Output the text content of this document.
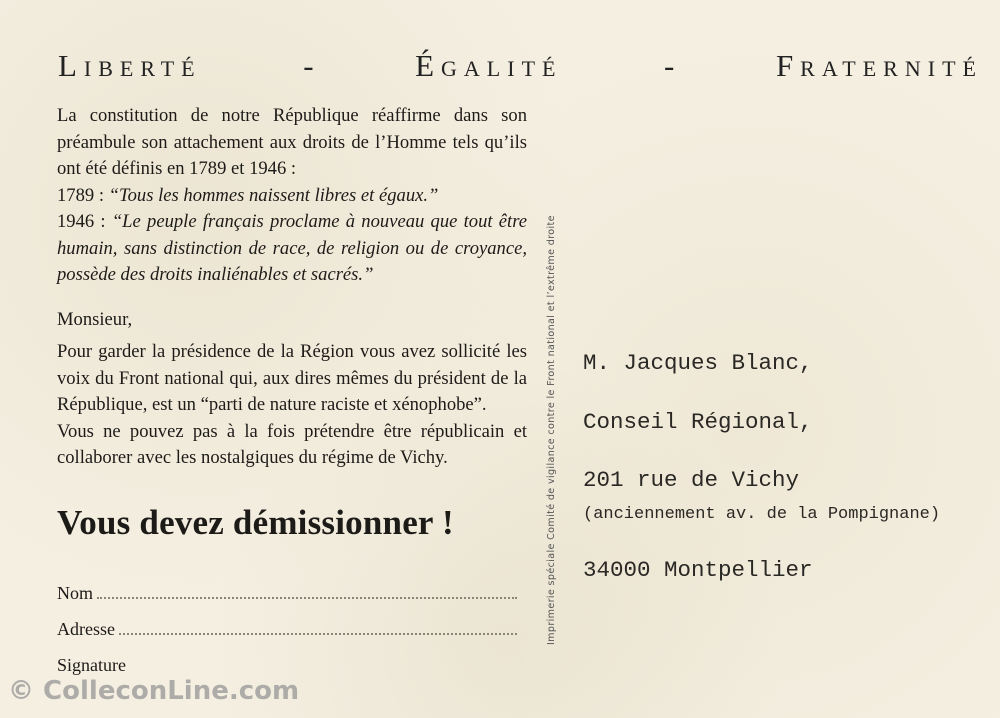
Liberté	-	Égalité	-	Fraternité

La constitution de notre République réaffirme dans son préambule son attachement aux droits de l’Homme tels qu’ils ont été définis en 1789 et 1946 :

1789 : “Tous les hommes naissent libres et égaux.”

1946 : “Le peuple français proclame à nouveau que tout être humain, sans distinction de race, de religion ou de croyance, possède des droits inaliénables et sacrés.”

Monsieur,

Pour garder la présidence de la Région vous avez sollicité les voix du Front national qui, aux dires mêmes du président de la République, est un “parti de nature raciste et xénophobe”.

Vous ne pouvez pas à la fois prétendre être républicain et collaborer avec les nostalgiques du régime de Vichy.

Vous devez démissionner !
Nom
Adresse
Signature
Imprimerie spéciale Comité de vigilance contre le Front national et l’extrême droite M. Jacques Blanc,
Conseil Régional,
201 rue de Vichy
(anciennement av. de la Pompignane)
34000 Montpellier
© ColleconLine.com
